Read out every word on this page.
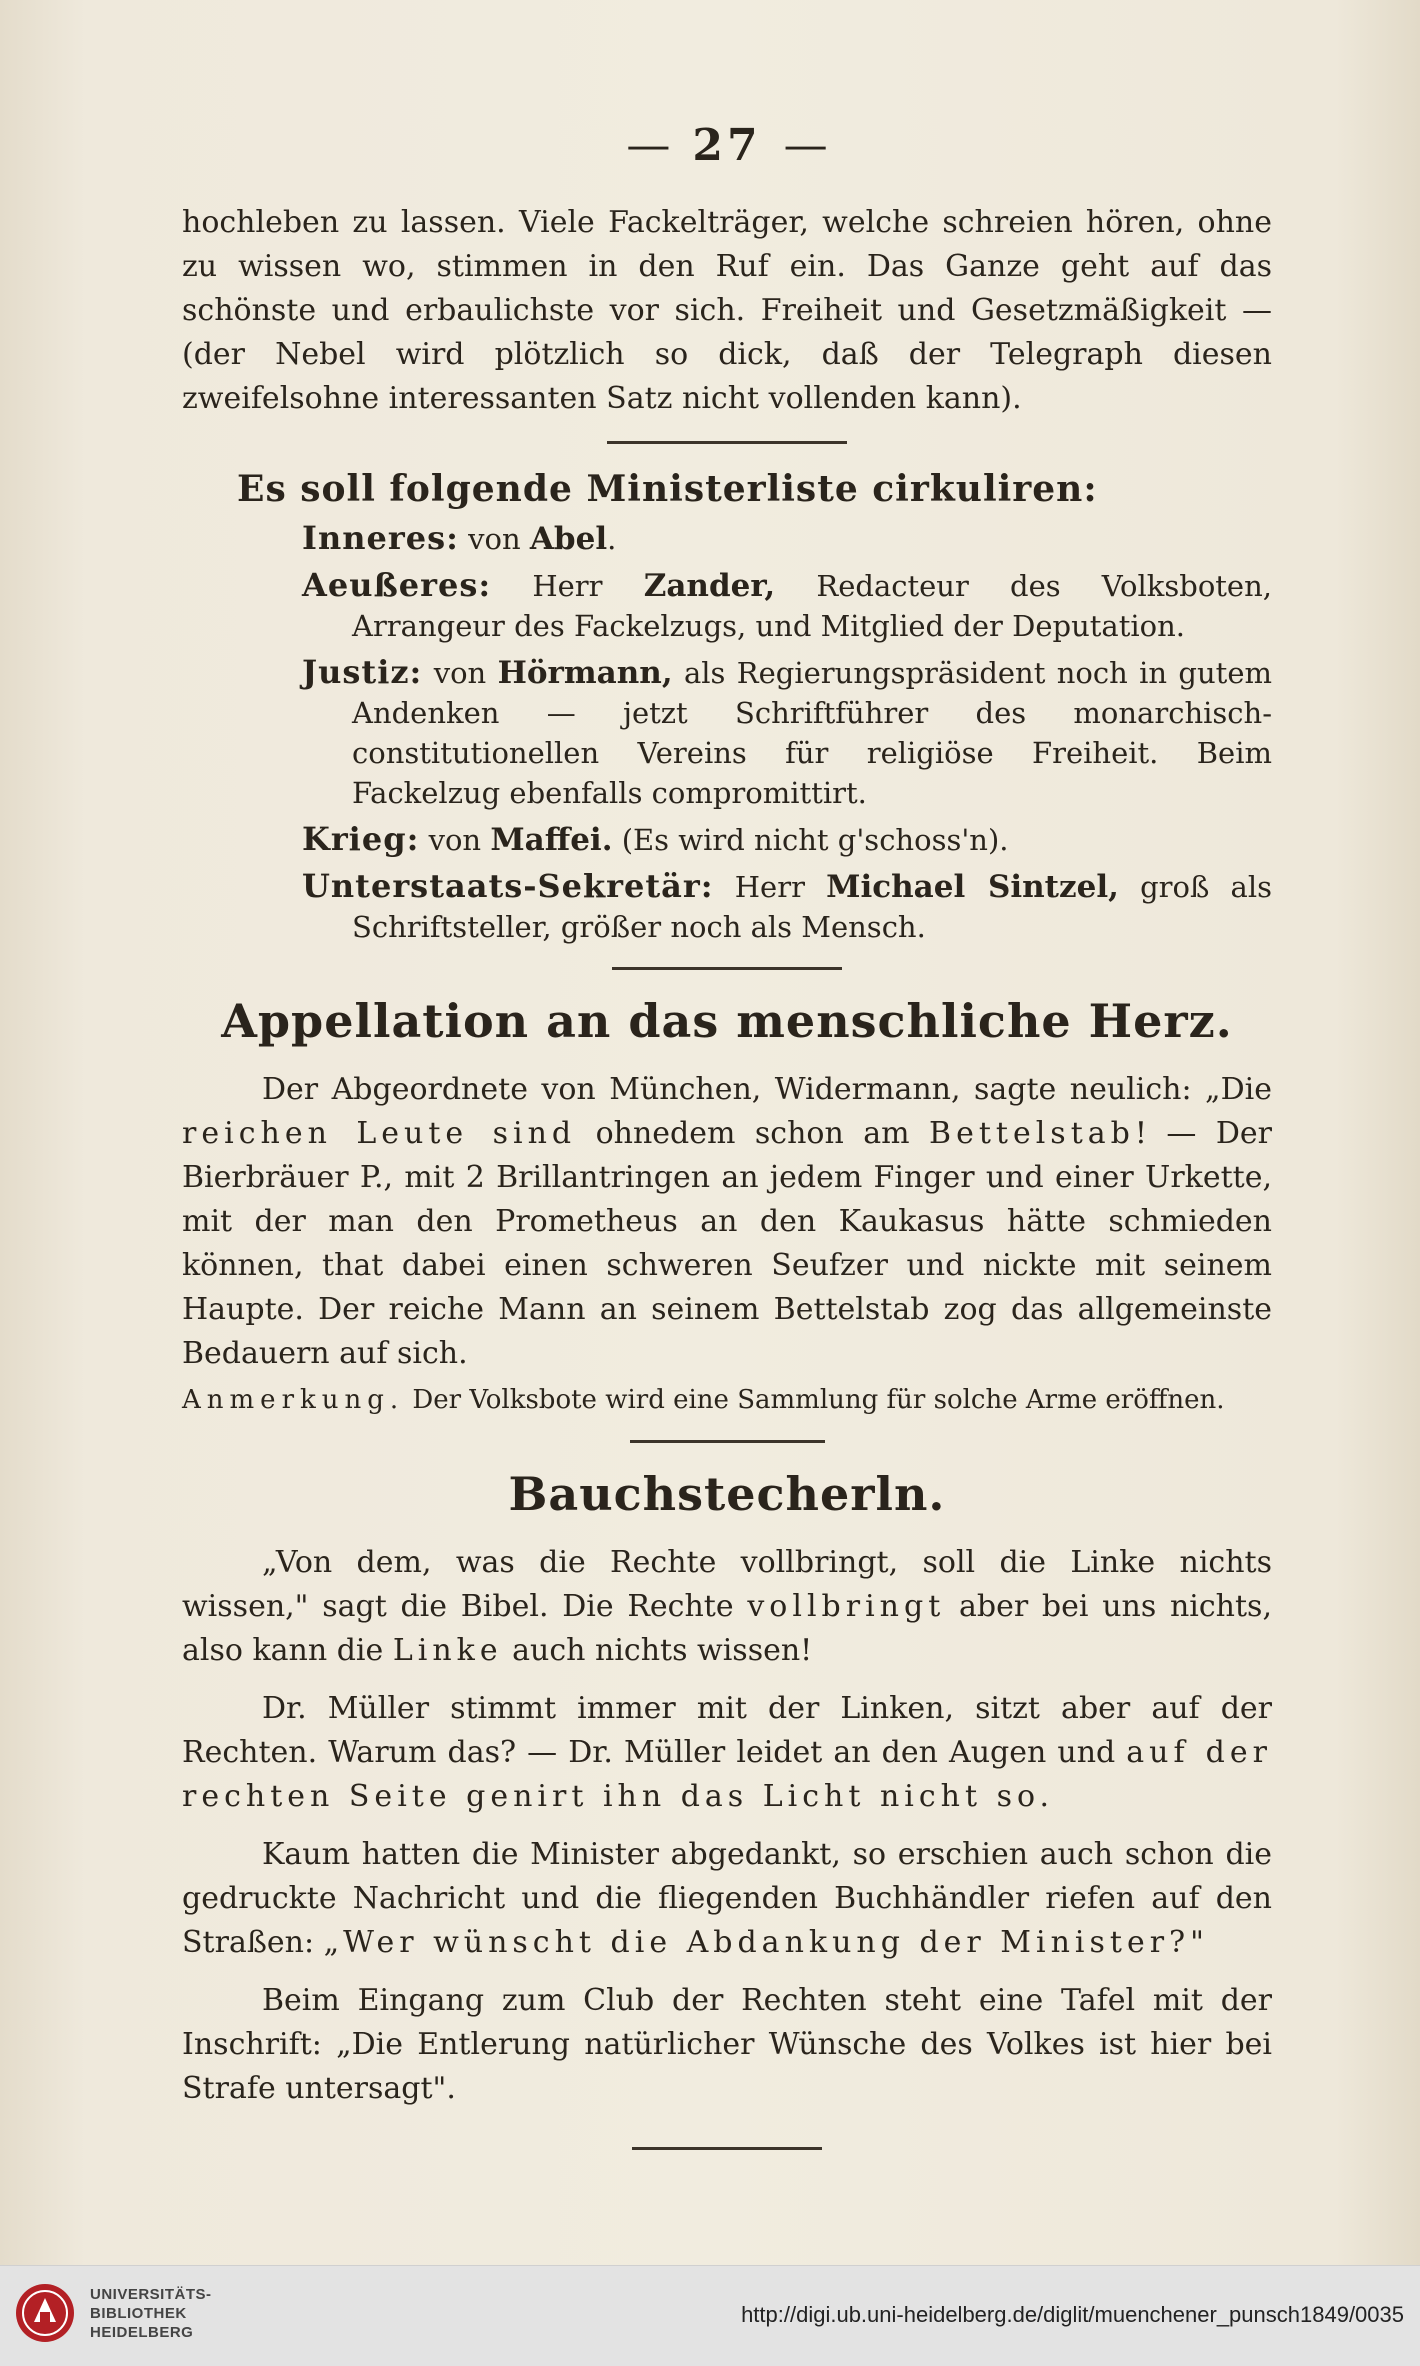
— 27 —

hochleben zu lassen. Viele Fackelträger, welche schreien hören, ohne zu wissen wo, stimmen in den Ruf ein. Das Ganze geht auf das schönste und erbaulichste vor sich. Freiheit und Gesetzmäßigkeit — (der Nebel wird plötzlich so dick, daß der Telegraph diesen zweifelsohne interessanten Satz nicht vollenden kann).

Es soll folgende Ministerliste cirkuliren:
Inneres: von Abel.
Aeußeres: Herr Zander, Redacteur des Volksboten, Arrangeur des Fackelzugs, und Mitglied der Deputation.
Justiz: von Hörmann, als Regierungspräsident noch in gutem Andenken — jetzt Schriftführer des monarchisch-constitutionellen Vereins für religiöse Freiheit. Beim Fackelzug ebenfalls compromittirt.
Krieg: von Maffei. (Es wird nicht g'schoss'n).
Unterstaats-Sekretär: Herr Michael Sintzel, groß als Schriftsteller, größer noch als Mensch.
Appellation an das menschliche Herz.

Der Abgeordnete von München, Widermann, sagte neulich: „Die reichen Leute sind ohnedem schon am Bettelstab! — Der Bierbräuer P., mit 2 Brillantringen an jedem Finger und einer Urkette, mit der man den Prometheus an den Kaukasus hätte schmieden können, that dabei einen schweren Seufzer und nickte mit seinem Haupte. Der reiche Mann an seinem Bettelstab zog das allgemeinste Bedauern auf sich.

Anmerkung. Der Volksbote wird eine Sammlung für solche Arme eröffnen.

Bauchstecherln.

„Von dem, was die Rechte vollbringt, soll die Linke nichts wissen," sagt die Bibel. Die Rechte vollbringt aber bei uns nichts, also kann die Linke auch nichts wissen!

Dr. Müller stimmt immer mit der Linken, sitzt aber auf der Rechten. Warum das? — Dr. Müller leidet an den Augen und auf der rechten Seite genirt ihn das Licht nicht so.

Kaum hatten die Minister abgedankt, so erschien auch schon die gedruckte Nachricht und die fliegenden Buchhändler riefen auf den Straßen: „Wer wünscht die Abdankung der Minister?"

Beim Eingang zum Club der Rechten steht eine Tafel mit der Inschrift: „Die Entlerung natürlicher Wünsche des Volkes ist hier bei Strafe untersagt".

UNIVERSITÄTS-
BIBLIOTHEK
HEIDELBERG
http://digi.ub.uni-heidelberg.de/diglit/muenchener_punsch1849/0035
